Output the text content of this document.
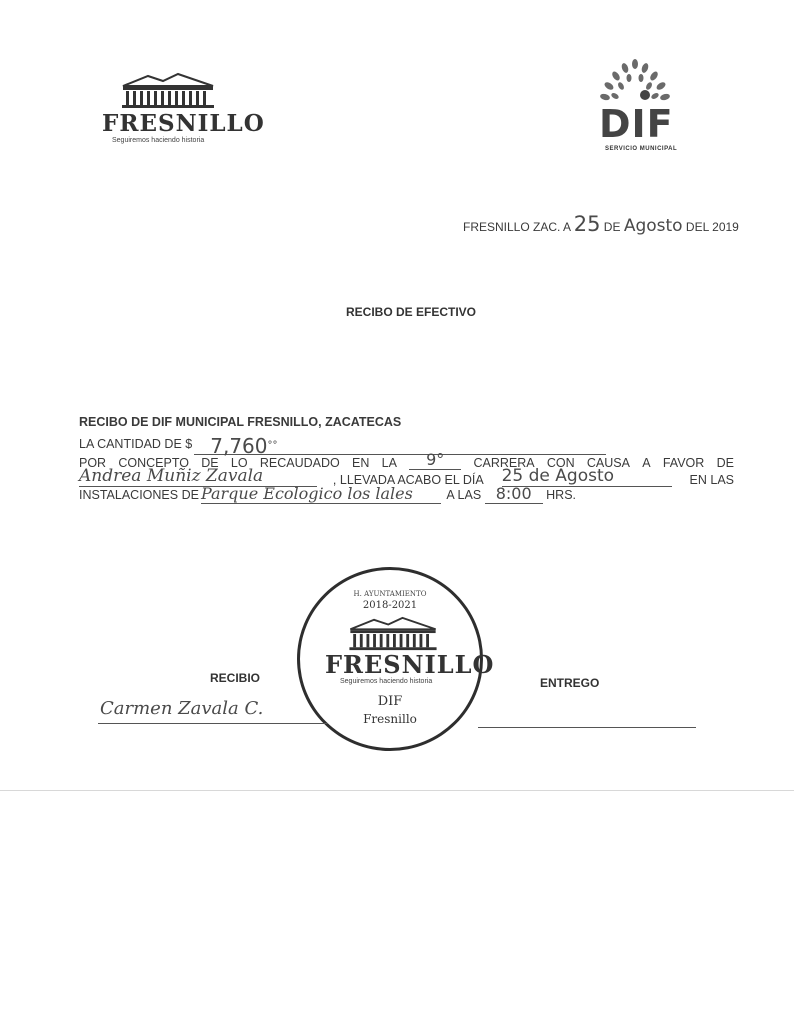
FRESNILLO
Seguiremos haciendo historia	DIF
SERVICIO MUNICIPAL
FRESNILLO ZAC. A 25 DE Agosto DEL 2019
RECIBO DE EFECTIVO
RECIBO DE DIF MUNICIPAL FRESNILLO, ZACATECAS
LA CANTIDAD DE $ 7,760°°
POR CONCEPTO DE LO RECAUDADO EN LA	9°	CARRERA CON CAUSA A FAVOR DE
Andrea Muñiz Zavala	, LLEVADA ACABO EL DÍA 25 de Agosto	EN LAS
INSTALACIONES DE Parque Ecologico los lales	A LAS 8:00 HRS.
H. AYUNTAMIENTO
2018-2021
FRESNILLO
Seguiremos haciendo historia
DIF
Fresnillo
RECIBIO
Carmen Zavala C.
ENTREGO
